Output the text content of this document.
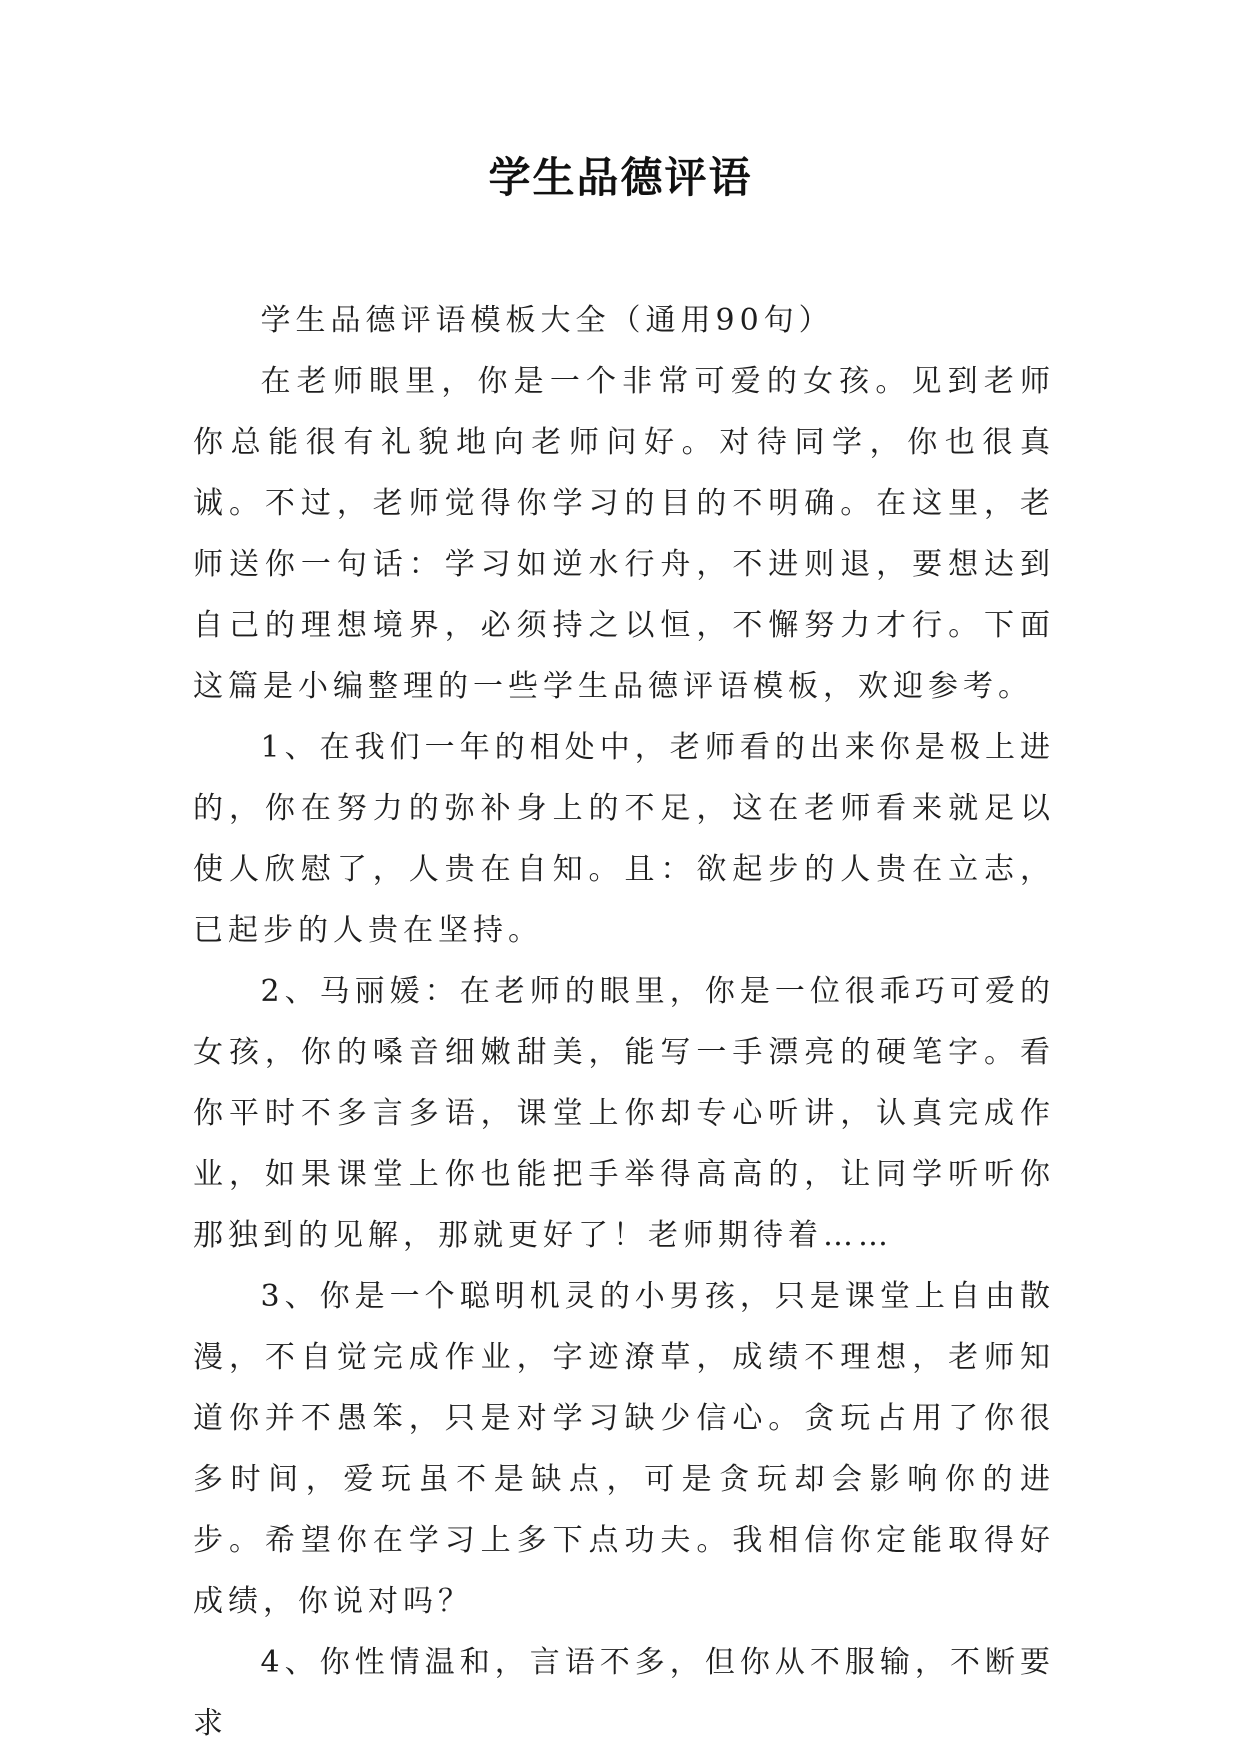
学生品德评语

学生品德评语模板大全（通用90句）

在老师眼里，你是一个非常可爱的女孩。见到老师你总能很有礼貌地向老师问好。对待同学，你也很真诚。不过，老师觉得你学习的目的不明确。在这里，老师送你一句话：学习如逆水行舟，不进则退，要想达到自己的理想境界，必须持之以恒，不懈努力才行。下面这篇是小编整理的一些学生品德评语模板，欢迎参考。

1、在我们一年的相处中，老师看的出来你是极上进的，你在努力的弥补身上的不足，这在老师看来就足以使人欣慰了，人贵在自知。且：欲起步的人贵在立志，已起步的人贵在坚持。

2、马丽媛：在老师的眼里，你是一位很乖巧可爱的女孩，你的嗓音细嫩甜美，能写一手漂亮的硬笔字。看你平时不多言多语，课堂上你却专心听讲，认真完成作业，如果课堂上你也能把手举得高高的，让同学听听你那独到的见解，那就更好了！老师期待着……

3、你是一个聪明机灵的小男孩，只是课堂上自由散漫，不自觉完成作业，字迹潦草，成绩不理想，老师知道你并不愚笨，只是对学习缺少信心。贪玩占用了你很多时间，爱玩虽不是缺点，可是贪玩却会影响你的进步。希望你在学习上多下点功夫。我相信你定能取得好成绩，你说对吗？

4、你性情温和，言语不多，但你从不服输，不断要求
